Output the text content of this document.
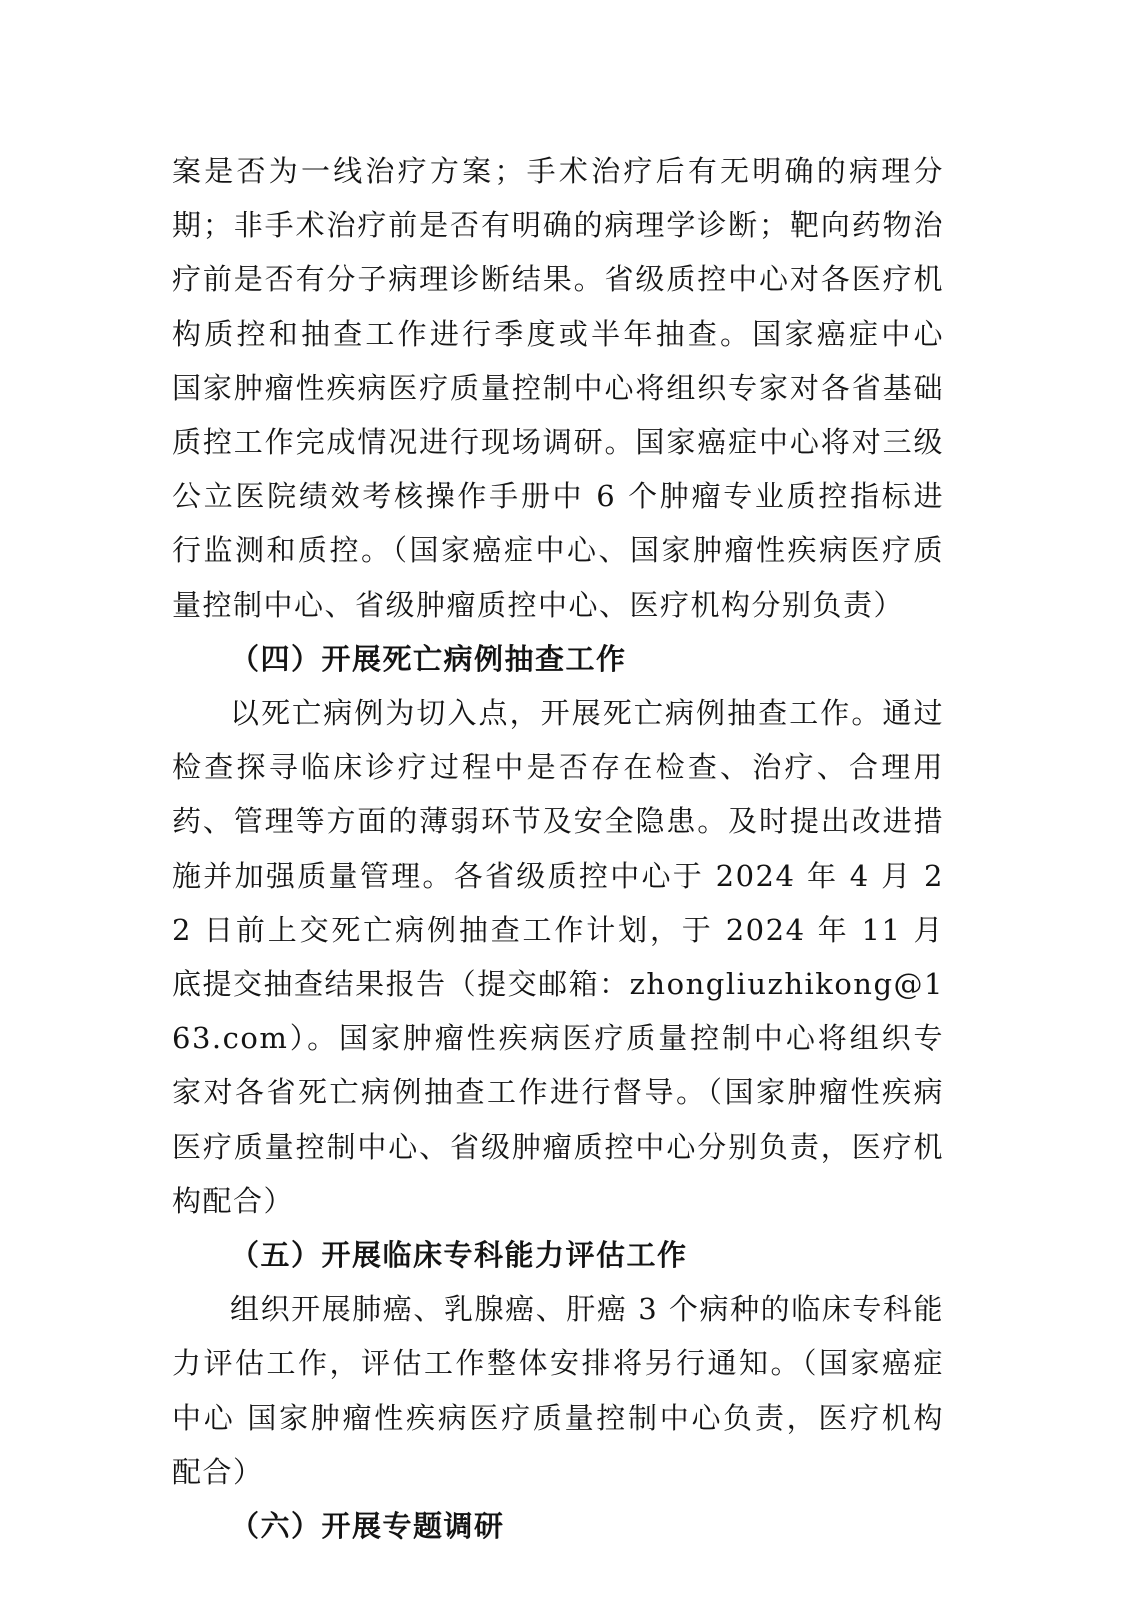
案是否为一线治疗方案；手术治疗后有无明确的病理分期；非手术治疗前是否有明确的病理学诊断；靶向药物治疗前是否有分子病理诊断结果。省级质控中心对各医疗机构质控和抽查工作进行季度或半年抽查。国家癌症中心 国家肿瘤性疾病医疗质量控制中心将组织专家对各省基础质控工作完成情况进行现场调研。国家癌症中心将对三级公立医院绩效考核操作手册中 6 个肿瘤专业质控指标进行监测和质控。（国家癌症中心、国家肿瘤性疾病医疗质量控制中心、省级肿瘤质控中心、医疗机构分别负责）

（四）开展死亡病例抽查工作

以死亡病例为切入点，开展死亡病例抽查工作。通过检查探寻临床诊疗过程中是否存在检查、治疗、合理用药、管理等方面的薄弱环节及安全隐患。及时提出改进措施并加强质量管理。各省级质控中心于 2024 年 4 月 22 日前上交死亡病例抽查工作计划，于 2024 年 11 月底提交抽查结果报告（提交邮箱：zhongliuzhikong@163.com）。国家肿瘤性疾病医疗质量控制中心将组织专家对各省死亡病例抽查工作进行督导。（国家肿瘤性疾病医疗质量控制中心、省级肿瘤质控中心分别负责，医疗机构配合）

（五）开展临床专科能力评估工作

组织开展肺癌、乳腺癌、肝癌 3 个病种的临床专科能力评估工作，评估工作整体安排将另行通知。（国家癌症中心 国家肿瘤性疾病医疗质量控制中心负责，医疗机构配合）

（六）开展专题调研
